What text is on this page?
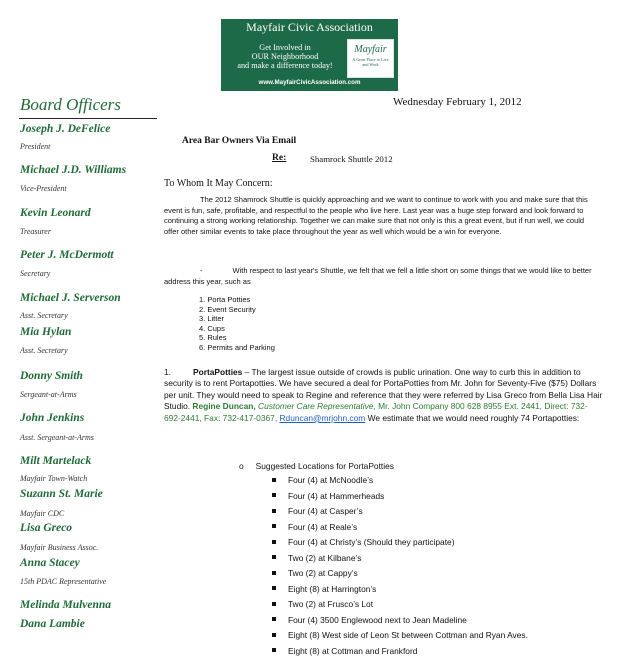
Mayfair Civic Association
Get Involved in
OUR Neighborhood
and make a difference today!
Mayfair
A Great Place to Live and Work
www.MayfairCivicAssociation.com
Board Officers
Joseph J. DeFelice
President
Michael J.D. Williams
Vice-President
Kevin Leonard
Treasurer
Peter J. McDermott
Secretary
Michael J. Serverson
Asst. Secretary
Mia Hylan
Asst. Secretary
Donny Smith
Sergeant-at-Arms
John Jenkins
Asst. Sergeant-at-Arms
Milt Martelack
Mayfair Town-Watch
Suzann St. Marie
Mayfair CDC
Lisa Greco
Mayfair Business Assoc.
Anna Stacey
15th PDAC Representative
Melinda Mulvenna
Dana Lambie
Wednesday February 1, 2012
Area Bar Owners Via Email
Re:	Shamrock Shuttle 2012
To Whom It May Concern:
The 2012 Shamrock Shuttle is quickly approaching and we want to continue to work with you and make sure that this event is fun, safe, profitable, and respectful to the people who live here. Last year was a huge step forward and look forward to continuing a strong working relationship. Together we can make sure that not only is this a great event, but if run well, we could offer other similar events to take place throughout the year as well which would be a win for everyone.
-	With respect to last year's Shuttle, we felt that we fell a little short on some things that we would like to better address this year, such as
1. Porta Potties
2. Event Security
3. Litter
4. Cups
5. Rules
6. Permits and Parking
1.	PortaPotties – The largest issue outside of crowds is public urination. One way to curb this in addition to security is to rent Portapotties. We have secured a deal for PortaPotties from Mr. John for Seventy-Five ($75) Dollars per unit. They would need to speak to Regine and reference that they were referred by Lisa Greco from Bella Lisa Hair Studio. Regine Duncan, Customer Care Representative, Mr. John Company 800 628 8955 Ext. 2441, Direct: 732-692-2441, Fax: 732-417-0367, Rduncan@mrjohn.com We estimate that we would need roughly 74 Portapotties:
o Suggested Locations for PortaPotties
Four (4) at McNoodle’s
Four (4) at Hammerheads
Four (4) at Casper’s
Four (4) at Reale’s
Four (4) at Christy’s (Should they participate)
Two (2) at Kilbane’s
Two (2) at Cappy’s
Eight (8) at Harrington’s
Two (2) at Frusco’s Lot
Four (4) 3500 Englewood next to Jean Madeline
Eight (8) West side of Leon St between Cottman and Ryan Aves.
Eight (8) at Cottman and Frankford
